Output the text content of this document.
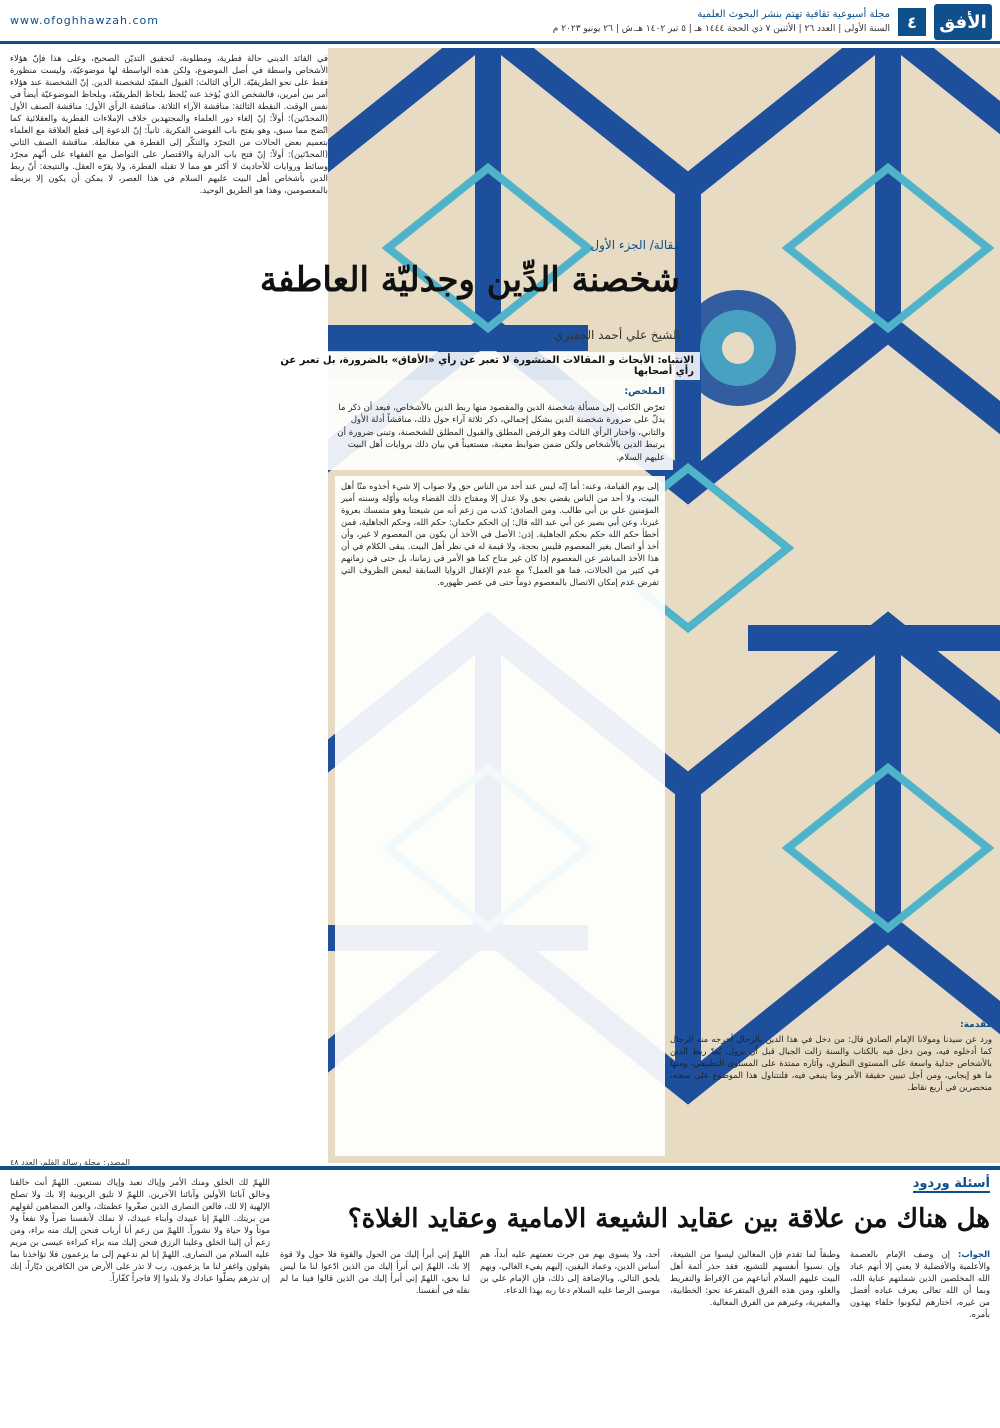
الأفق
٤
مجلة أسبوعية ثقافية تهتم بنشر البحوث العلمية
السنة الأولى | العدد ٢٦ | الأثنين ٧ ذي الحجة ١٤٤٤ هـ | ٥ تير ١٤٠٢ هـ.ش | ٢٦ يونيو ٢٠٢٣ م
www.ofoghhawzah.com
مقالة/ الجزء الأول
شخصنة الدِّين وجدليّة العاطفة
الشيخ علي أحمد الجفيري
الانتباه: الأبحاث و المقالات المنشورة لا تعبر عن رأي «الأفاق» بالضرورة، بل تعبر عن رأي أصحابها
الملخص:

تعرّض الكاتب إلى مسألة شخصنة الدين والمقصود منها ربط الدين بالأشخاص، فبعد أن ذكر ما يدلّ على ضرورة شخصنة الدين بشكل إجمالي، ذكر ثلاثة آراء حول ذلك، مناقشاً أدلة الأول والثاني، واختار الرأي الثالث وهو الرفض المطلق والقبول المطلق للشخصنة، وتبنى ضرورة أن يرتبط الدين بالأشخاص ولكن ضمن ضوابط معينة، مستعيناً في بيان ذلك بروايات أهل البيت عليهم السلام.

إلى يوم القيامة، وعنه: أما إنّه ليس عند أحد من الناس حق ولا صواب إلا شيء أخذوه منّا أهل البيت، ولا أحد من الناس يقضي بحق ولا عدل إلا ومفتاح ذلك القضاء وبابه وأوّله وسننه أمير المؤمنين علي بن أبي طالب. ومن الصادق: كذب من زعم أنه من شيعتنا وهو متمسك بعروة غيرنا، وعن أبي بصير عن أبي عبد الله قال: إن الحكم حكمان: حكم الله، وحكم الجاهلية، فمن أخطأ حكم الله حكم بحكم الجاهلية. إذن: الأصل في الأخذ أن يكون من المعصوم لا غير، وأن أخذ أو اتصال بغير المعصوم فليس بحجة، ولا قيمة له في نظر أهل البيت. يبقى الكلام في أن هذا الأخذ المباشر عن المعصوم إذا كان غير متاح كما هو الأمر في زماننا، بل حتى في زمانهم في كثير من الحالات، فما هو العمل؟ مع عدم الإغفال الزوايا السابقة لبعض الظروف التي تفرض عدم إمكان الاتصال بالمعصوم دوماً حتى في عصر ظهوره.

مقدمة:

ورد عن سيدنا ومولانا الإمام الصادق قال: من دخل في هذا الدين بالرجال أخرجه منه الرجال كما أدخلوه فيه، ومن دخل فيه بالكتاب والسنة زالت الجبال قبل أن يزول. يُعدّ ربط الدين بالأشخاص جدلية واسعة على المستوى النظري، وآثاره ممتدة على المستوى التطبيقي، ومنها ما هو إيجابي، ومن أجل تبيين حقيقة الأمر وما ينبغي فيه، فلنتناول هذا الموضوع على سعته، منحصرين في أربع نقاط.

في القائد الديني حالة فطرية، ومطلوبة، لتحقيق التديّن الصحيح، وعلى هذا فإنّ هؤلاء الأشخاص واسطة في أصل الموضوع، ولكن هذه الواسطة لها موضوعيّة، وليست منظورة فقط على نحو الطريقيّة. الرأي الثالث: القبول المقيّد لشخصنة الدين. إنّ الشخصنة عند هؤلاء أمر بين أمرين، فالشخص الذي يُؤخذ عنه يُلحظ بلحاظ الطريقيّة، وبلحاظ الموضوعيّة أيضاً في نفس الوقت. النقطة الثالثة: مناقشة الآراء الثلاثة. مناقشة الرأي الأول: مناقشة الصنف الأول (المحدّثين): أولاً: إنّ إلغاء دور العلماء والمجتهدين خلاف الإملاءات الفطرية والعقلائية كما اتّضح مما سبق، وهو يفتح باب الفوضى الفكرية. ثانياً: إنّ الدعوة إلى قطع العلاقة مع العلماء بتعميم بعض الحالات من التجرّد والتنكّر إلى الفطرة هي مغالطة. مناقشة الصنف الثاني (المحدّثين): أولاً: إنّ فتح باب الدراية والاقتصار على التواصل مع الفقهاء على أنّهم مجرّد وسائط وروايات للأحاديث لا أكثر هو مما لا تقبله الفطرة، ولا يقرّه العقل. والنتيجة: أنّ ربط الدين بأشخاص أهل البيت عليهم السلام في هذا العصر، لا يمكن أن يكون إلا بربطه بالمعصومين، وهذا هو الطريق الوحيد.

المصدر: مجلة رسالة القلم، العدد ٤٨
أسئلة وردود
هل هناك من علاقة بين عقايد الشيعة الامامية وعقايد الغلاة؟
الجواب: إن وصف الإمام بالعصمة والأعلمية والأفضلية لا يعني إلا أنهم عباد الله المخلصين الذين شملتهم عناية الله، وبما أن الله تعالى يعرف عباده أفضل من غيره، اختارهم ليكونوا خلفاء يهدون بأمره.
وطبقاً لما تقدم فإن المغالين ليسوا من الشيعة، وإن نسبوا أنفسهم للتشيع، فقد حذر أئمة أهل البيت عليهم السلام أتباعهم من الإفراط والتفريط والغلو، ومن هذه الفرق المتفرعة نحو: الخطابية، والمغيرية، وغيرهم من الفرق المغالية.
أحد، ولا يسوى بهم من جرت نعمتهم عليه أبداً، هم أساس الدين، وعماد اليقين، إليهم يفيء الغالي، وبهم يلحق التالي. وبالإضافة إلى ذلك، فإن الإمام علي بن موسى الرضا عليه السلام دعا ربه بهذا الدعاء.
اللهمّ إني أبرأ إليك من الحول والقوة فلا حول ولا قوة إلا بك، اللهمّ إني أبرأ إليك من الذين ادّعوا لنا ما ليس لنا بحق، اللهمّ إني أبرأ إليك من الذين قالوا فينا ما لم نقله في أنفسنا.
اللهمّ لك الخلق ومنك الأمر وإياك نعبد وإياك نستعين. اللهمّ أنت خالقنا وخالق آبائنا الأولين وآبائنا الآخرين. اللهمّ لا تليق الربوبية إلا بك ولا تصلح الإلهية إلا لك، فالعن النصارى الذين صغّروا عظمتك، والعن المضاهين لقولهم من بريتك. اللهمّ إنا عبيدك وأبناء عبيدك، لا نملك لأنفسنا ضراً ولا نفعاً ولا موتاً ولا حياة ولا نشوراً. اللهمّ من زعم أنا أرباب فنحن إليك منه براء، ومن زعم أن إلينا الخلق وعلينا الرزق فنحن إليك منه براء كبراءة عيسى بن مريم عليه السلام من النصارى. اللهمّ إنا لم ندعهم إلى ما يزعمون فلا تؤاخذنا بما يقولون واغفر لنا ما يزعمون. رب لا تذر على الأرض من الكافرين ديّاراً، إنك إن تذرهم يضلّوا عبادك ولا يلدوا إلا فاجراً كفّاراً.
